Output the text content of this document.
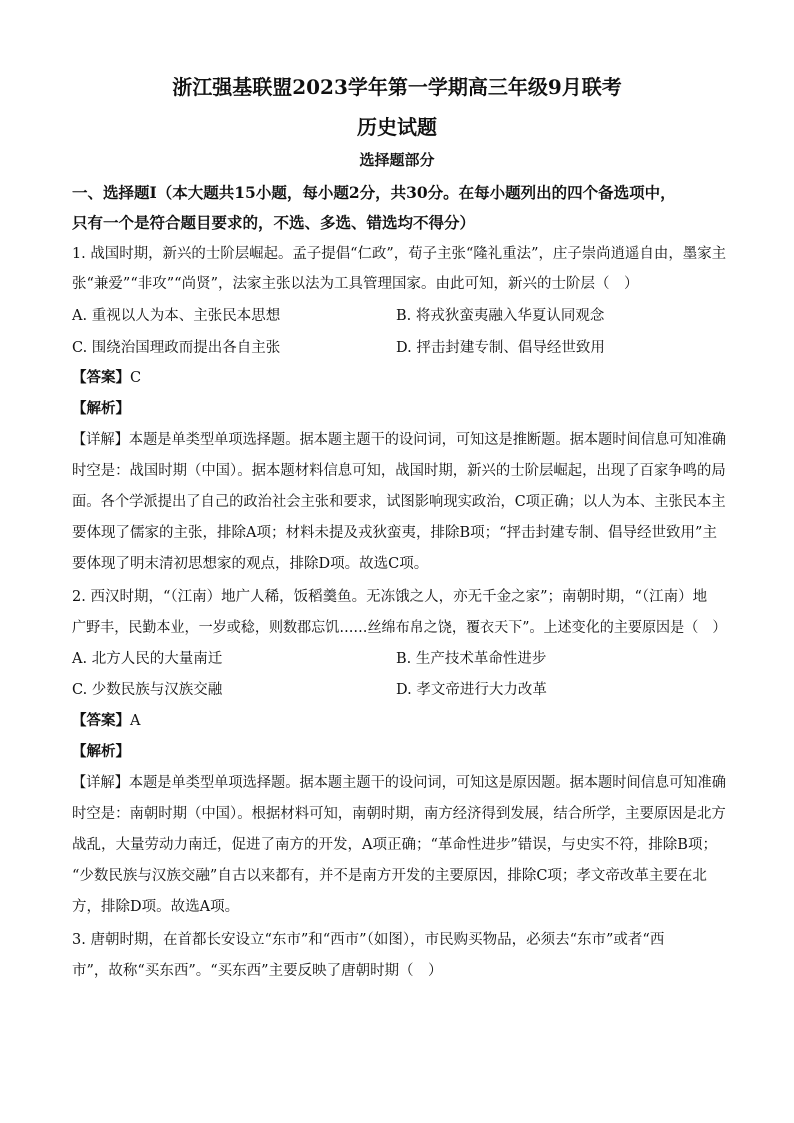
浙江强基联盟2023学年第一学期高三年级9月联考
历史试题
选择题部分
一、选择题Ⅰ（本大题共15小题，每小题2分，共30分。在每小题列出的四个备选项中，
只有一个是符合题目要求的，不选、多选、错选均不得分）
1. 战国时期，新兴的士阶层崛起。孟子提倡“仁政”，荀子主张“隆礼重法”，庄子崇尚逍遥自由，墨家主
张“兼爱”“非攻”“尚贤”，法家主张以法为工具管理国家。由此可知，新兴的士阶层（　）
A. 重视以人为本、主张民本思想	B. 将戎狄蛮夷融入华夏认同观念
C. 围绕治国理政而提出各自主张	D. 抨击封建专制、倡导经世致用
【答案】C
【解析】
【详解】本题是单类型单项选择题。据本题主题干的设问词，可知这是推断题。据本题时间信息可知准确
时空是：战国时期（中国）。据本题材料信息可知，战国时期，新兴的士阶层崛起，出现了百家争鸣的局
面。各个学派提出了自己的政治社会主张和要求，试图影响现实政治，C项正确；以人为本、主张民本主
要体现了儒家的主张，排除A项；材料未提及戎狄蛮夷，排除B项；“抨击封建专制、倡导经世致用”主
要体现了明末清初思想家的观点，排除D项。故选C项。
2. 西汉时期，“（江南）地广人稀，饭稻羹鱼。无冻饿之人，亦无千金之家”；南朝时期，“（江南）地
广野丰，民勤本业，一岁或稔，则数郡忘饥……丝绵布帛之饶，覆衣天下”。上述变化的主要原因是（　）
A. 北方人民的大量南迁	B. 生产技术革命性进步
C. 少数民族与汉族交融	D. 孝文帝进行大力改革
【答案】A
【解析】
【详解】本题是单类型单项选择题。据本题主题干的设问词，可知这是原因题。据本题时间信息可知准确
时空是：南朝时期（中国）。根据材料可知，南朝时期，南方经济得到发展，结合所学，主要原因是北方
战乱，大量劳动力南迁，促进了南方的开发，A项正确；“革命性进步”错误，与史实不符，排除B项；
“少数民族与汉族交融”自古以来都有，并不是南方开发的主要原因，排除C项；孝文帝改革主要在北
方，排除D项。故选A项。
3. 唐朝时期，在首都长安设立“东市”和“西市”（如图），市民购买物品，必须去“东市”或者“西
市”，故称“买东西”。“买东西”主要反映了唐朝时期（　）
